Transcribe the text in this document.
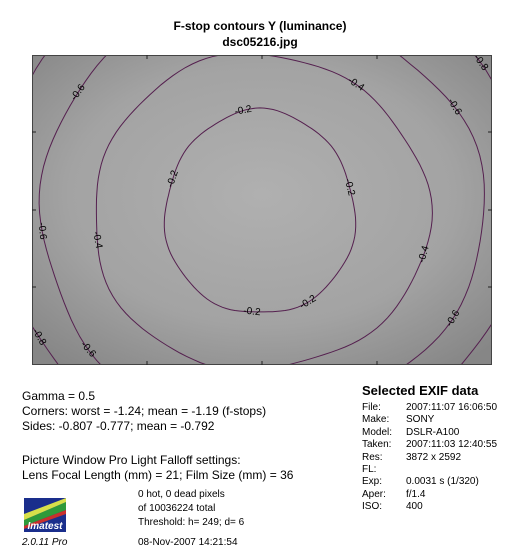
F-stop contours Y (luminance)
dsc05216.jpg
-0.2	-0.2
-0.2
-0.2
-0.2
-0.4
-0.4
-0.4
-0.6
-0.6
-0.6
-0.6
-0.6
-0.8
-0.8
Gamma = 0.5
Corners: worst = -1.24; mean = -1.19 (f-stops)
Sides: -0.807 -0.777; mean = -0.792
Picture Window Pro Light Falloff settings:
Lens Focal Length (mm) = 21; Film Size (mm) = 36
0 hot, 0 dead pixels
of 10036224 total
Threshold: h= 249; d= 6
Selected EXIF data
File:	2007:11:07 16:06:50
Make: SONY
Model: DSLR-A100
Taken: 2007:11:03 12:40:55
Res: 3872 x 2592
FL:
Exp: 0.0031 s (1/320)
Aper: f/1.4
ISO: 400
Imatest
2.0.11 Pro	08-Nov-2007 14:21:54
